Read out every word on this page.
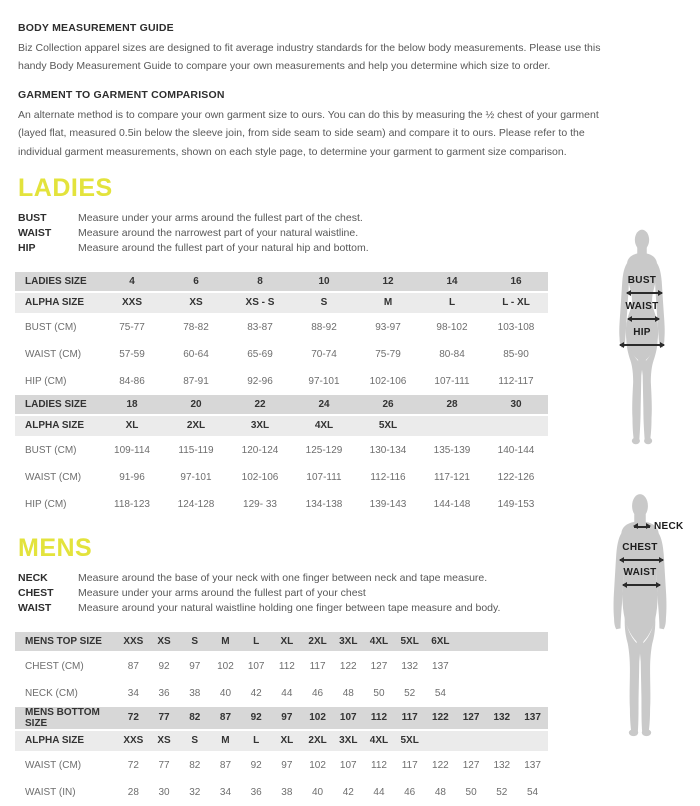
BODY MEASUREMENT GUIDE

Biz Collection apparel sizes are designed to fit average industry standards for the below body measurements. Please use this handy Body Measurement Guide to compare your own measurements and help you determine which size to order.

GARMENT TO GARMENT COMPARISON

An alternate method is to compare your own garment size to ours. You can do this by measuring the ½ chest of your garment (layed flat, measured 0.5in below the sleeve join, from side seam to side seam) and compare it to ours. Please refer to the individual garment measurements, shown on each style page, to determine your garment to garment size comparison.

LADIES
BUST	Measure under your arms around the fullest part of the chest.
WAIST	Measure around the narrowest part of your natural waistline.
HIP	Measure around the fullest part of your natural hip and bottom.
LADIES SIZE	4	6	8	10	12	14	16
ALPHA SIZE	XXS	XS	XS - S	S	M	L	L - XL
BUST (CM)	75-77	78-82	83-87	88-92	93-97	98-102	103-108
WAIST (CM)	57-59	60-64	65-69	70-74	75-79	80-84	85-90
HIP (CM)	84-86	87-91	92-96	97-101	102-106	107-111	112-117
LADIES SIZE	18	20	22	24	26	28	30
ALPHA SIZE	XL	2XL	3XL	4XL	5XL		
BUST (CM)	109-114	115-119	120-124	125-129	130-134	135-139	140-144
WAIST (CM)	91-96	97-101	102-106	107-111	112-116	117-121	122-126
HIP (CM)	118-123	124-128	129- 33	134-138	139-143	144-148	149-153
MENS
NECK	Measure around the base of your neck with one finger between neck and tape measure.
CHEST	Measure under your arms around the fullest part of your chest
WAIST	Measure around your natural waistline holding one finger between tape measure and body.
MENS TOP SIZE	XXS	XS	S	M	L	XL	2XL	3XL	4XL	5XL	6XL			
CHEST (CM)	87	92	97	102	107	112	117	122	127	132	137			
NECK (CM)	34	36	38	40	42	44	46	48	50	52	54			
MENS BOTTOM SIZE	72	77	82	87	92	97	102	107	112	117	122	127	132	137
ALPHA SIZE	XXS	XS	S	M	L	XL	2XL	3XL	4XL	5XL				
WAIST (CM)	72	77	82	87	92	97	102	107	112	117	122	127	132	137
WAIST (IN)	28	30	32	34	36	38	40	42	44	46	48	50	52	54
BUST
WAIST
HIP
NECK
CHEST
WAIST
